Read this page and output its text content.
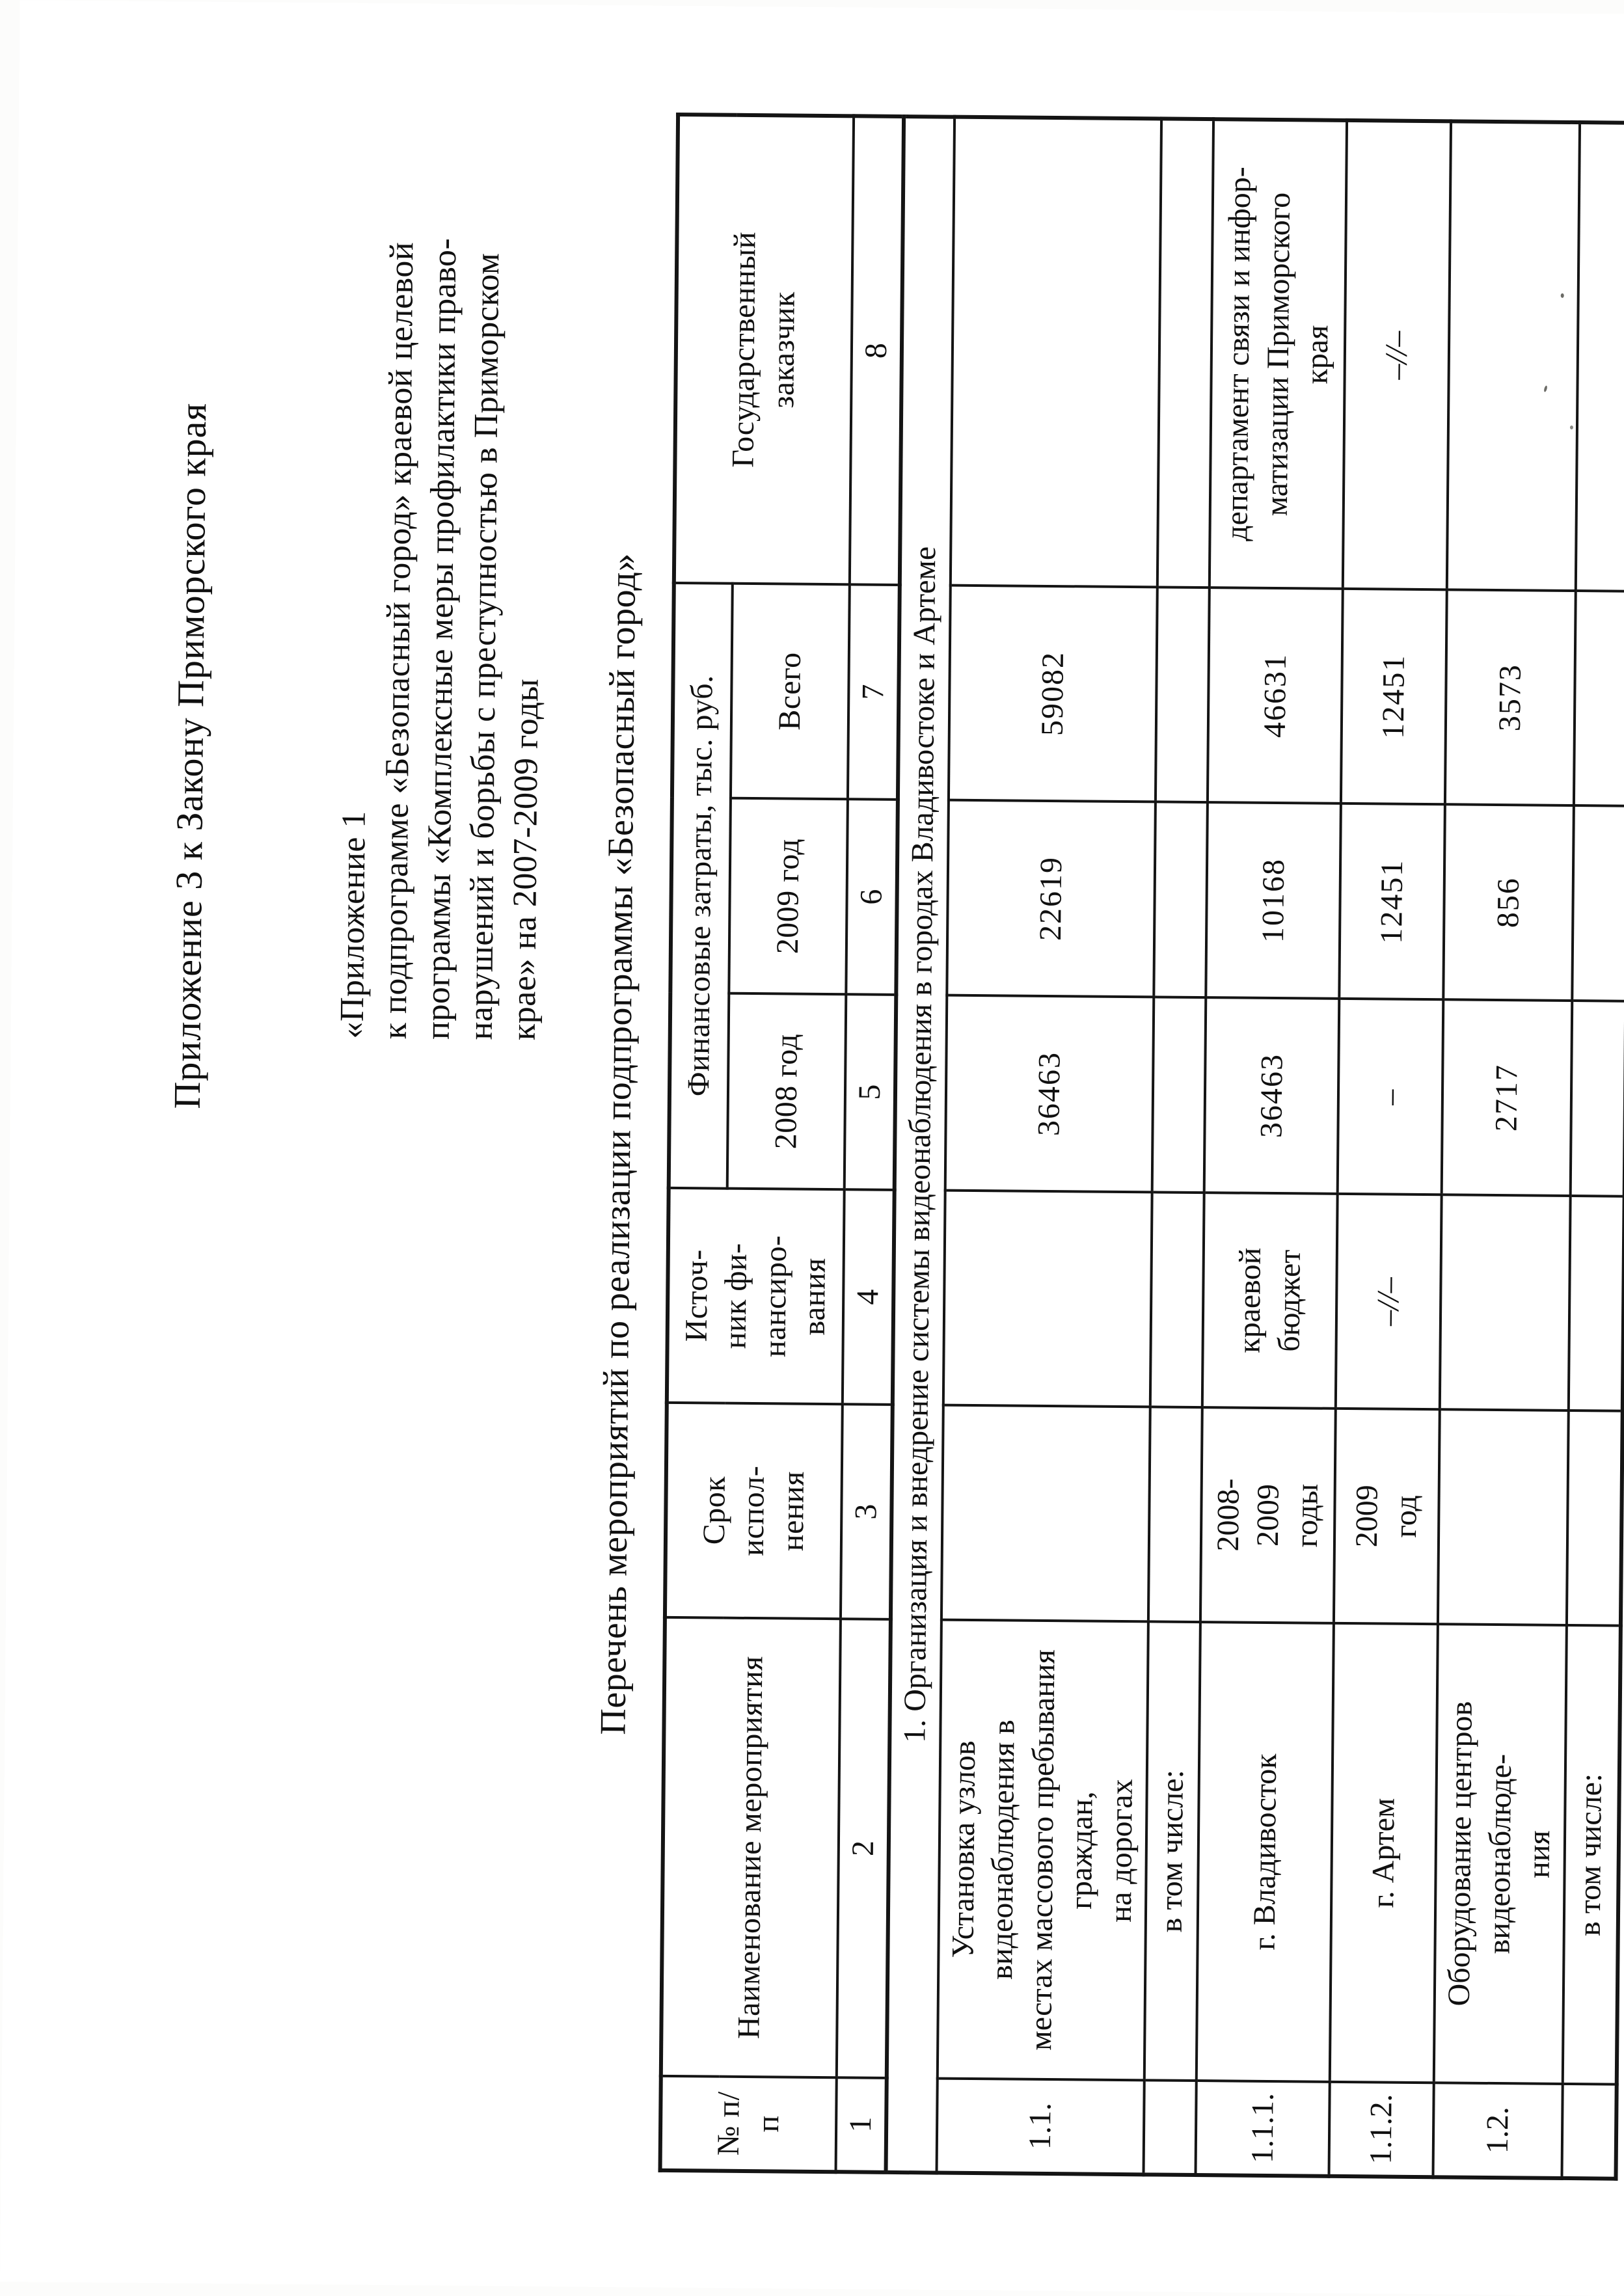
Приложение 3 к Закону Приморского края	«Приложение 1 к подпрограмме «Безопасный город» краевой целевой
программы «Комплексные меры профилактики право-
нарушений и борьбы с преступностью в Приморском
крае» на 2007-2009 годы Перечень мероприятий по реализации подпрограммы «Безопасный город»
№ п/п	Наименование мероприятия	Срок
испол-
нения	Источ-
ник фи-
нансиро-
вания	Финансовые затраты, тыс. руб.			Государственный
заказчик
				2008 год	2009 год	Всего	
1	2	3	4	5	6	7	8
1. Организация и внедрение системы видеонаблюдения в городах Владивостоке и Артеме							
1.1.	Установка узлов видеонаблюдения в
местах массового пребывания граждан,
на дорогах			36463	22619	59082	
	в том числе:						
1.1.1.	г. Владивосток	2008-
2009
годы	краевой
бюджет	36463	10168	46631	департамент связи и инфор-
матизации Приморского
края
1.1.2.	г. Артем	2009
год	–//–	–	12451	12451	–//–
1.2.	Оборудование центров видеонаблюде-
ния			2717	856	3573	
	в том числе:						
